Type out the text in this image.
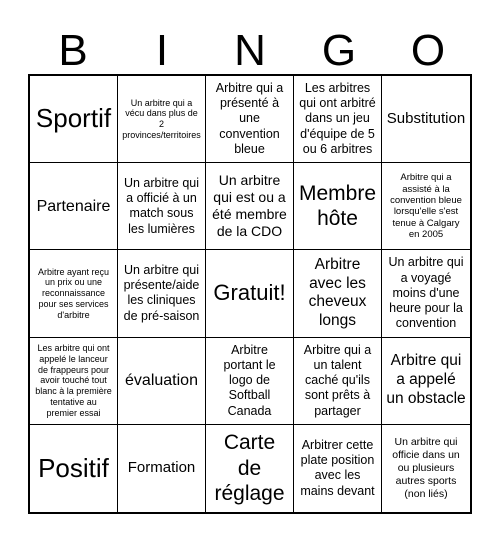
B	I	N	G O
Sportif
Un arbitre qui a vécu dans plus de 2 provinces/territoires
Arbitre qui a présenté à une convention bleue
Les arbitres qui ont arbitré dans un jeu d'équipe de 5 ou 6 arbitres
Substitution
Partenaire
Un arbitre qui a officié à un match sous les lumières
Un arbitre qui est ou a été membre de la CDO
Membre hôte
Arbitre qui a assisté à la convention bleue lorsqu'elle s'est tenue à Calgary en 2005
Arbitre ayant reçu un prix ou une reconnaissance pour ses services d'arbitre
Un arbitre qui présente/aide les cliniques de pré-saison
Gratuit!
Arbitre avec les cheveux longs
Un arbitre qui a voyagé moins d'une heure pour la convention
Les arbitre qui ont appelé le lanceur de frappeurs pour avoir touché tout blanc à la première tentative au premier essai
évaluation
Arbitre portant le logo de Softball Canada
Arbitre qui a un talent caché qu'ils sont prêts à partager
Arbitre qui a appelé un obstacle
Positif Formation
Carte de réglage
Arbitrer cette plate position avec les mains devant
Un arbitre qui officie dans un ou plusieurs autres sports (non liés)
